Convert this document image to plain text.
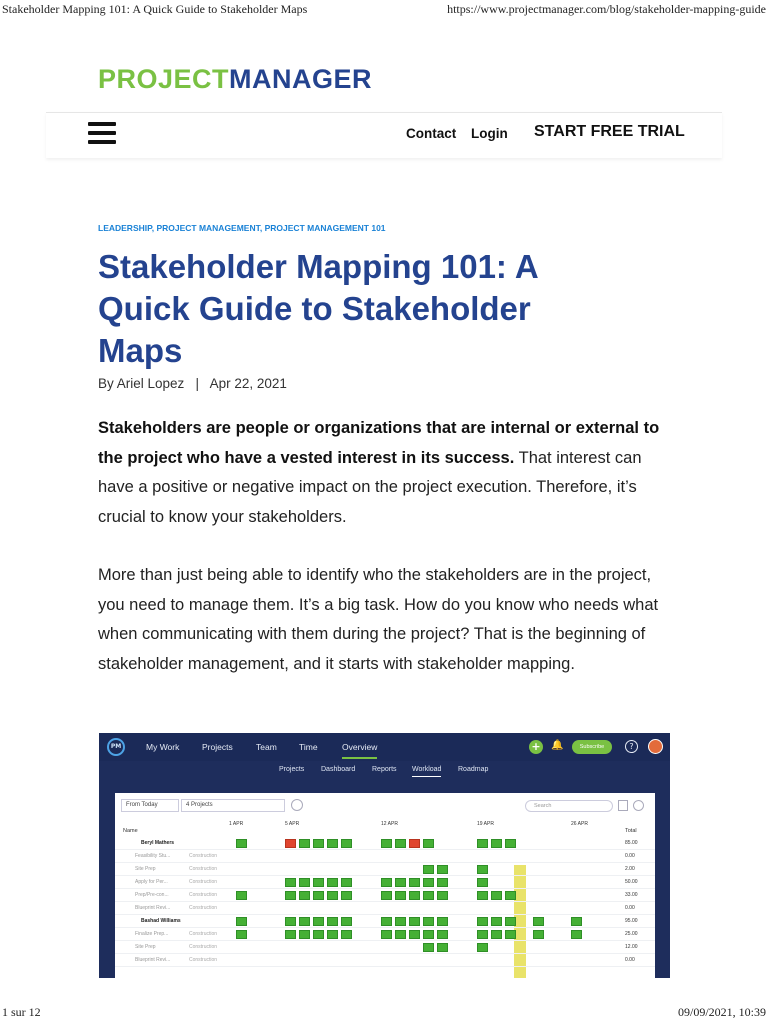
Stakeholder Mapping 101: A Quick Guide to Stakeholder Maps	https://www.projectmanager.com/blog/stakeholder-mapping-guide
PROJECTMANAGER
Contact Login	START FREE TRIAL
LEADERSHIP, PROJECT MANAGEMENT, PROJECT MANAGEMENT 101
Stakeholder Mapping 101: A Quick Guide to Stakeholder Maps
By Ariel Lopez   |   Apr 22, 2021

Stakeholders are people or organizations that are internal or external to the project who have a vested interest in its success. That interest can have a positive or negative impact on the project execution. Therefore, it’s crucial to know your stakeholders.

More than just being able to identify who the stakeholders are in the project, you need to manage them. It’s a big task. How do you know who needs what when communicating with them during the project? That is the beginning of stakeholder management, and it starts with stakeholder mapping.

PM	My Work	Projects	Team	Time	Overview	+ 🔔	Subscribe	?
Projects Dashboard Reports Workload Roadmap
From Today	4 Projects	Search
Name
1 APR	5 APR	12 APR	19 APR	26 APR
Total
Beryl Mathers	85.00
Feasibility Stu...	Construction	0.00
Site Prep	Construction	2.00
Apply for Per...	Construction	50.00
Prep/Pre-con...	Construction	33.00
Blueprint Revi...	Construction	0.00
Bashad Williams	95.00
Finalize Prep...	Construction	25.00
Site Prep	Construction	12.00
Blueprint Revi...	Construction	0.00
1 sur 12	09/09/2021, 10:39
